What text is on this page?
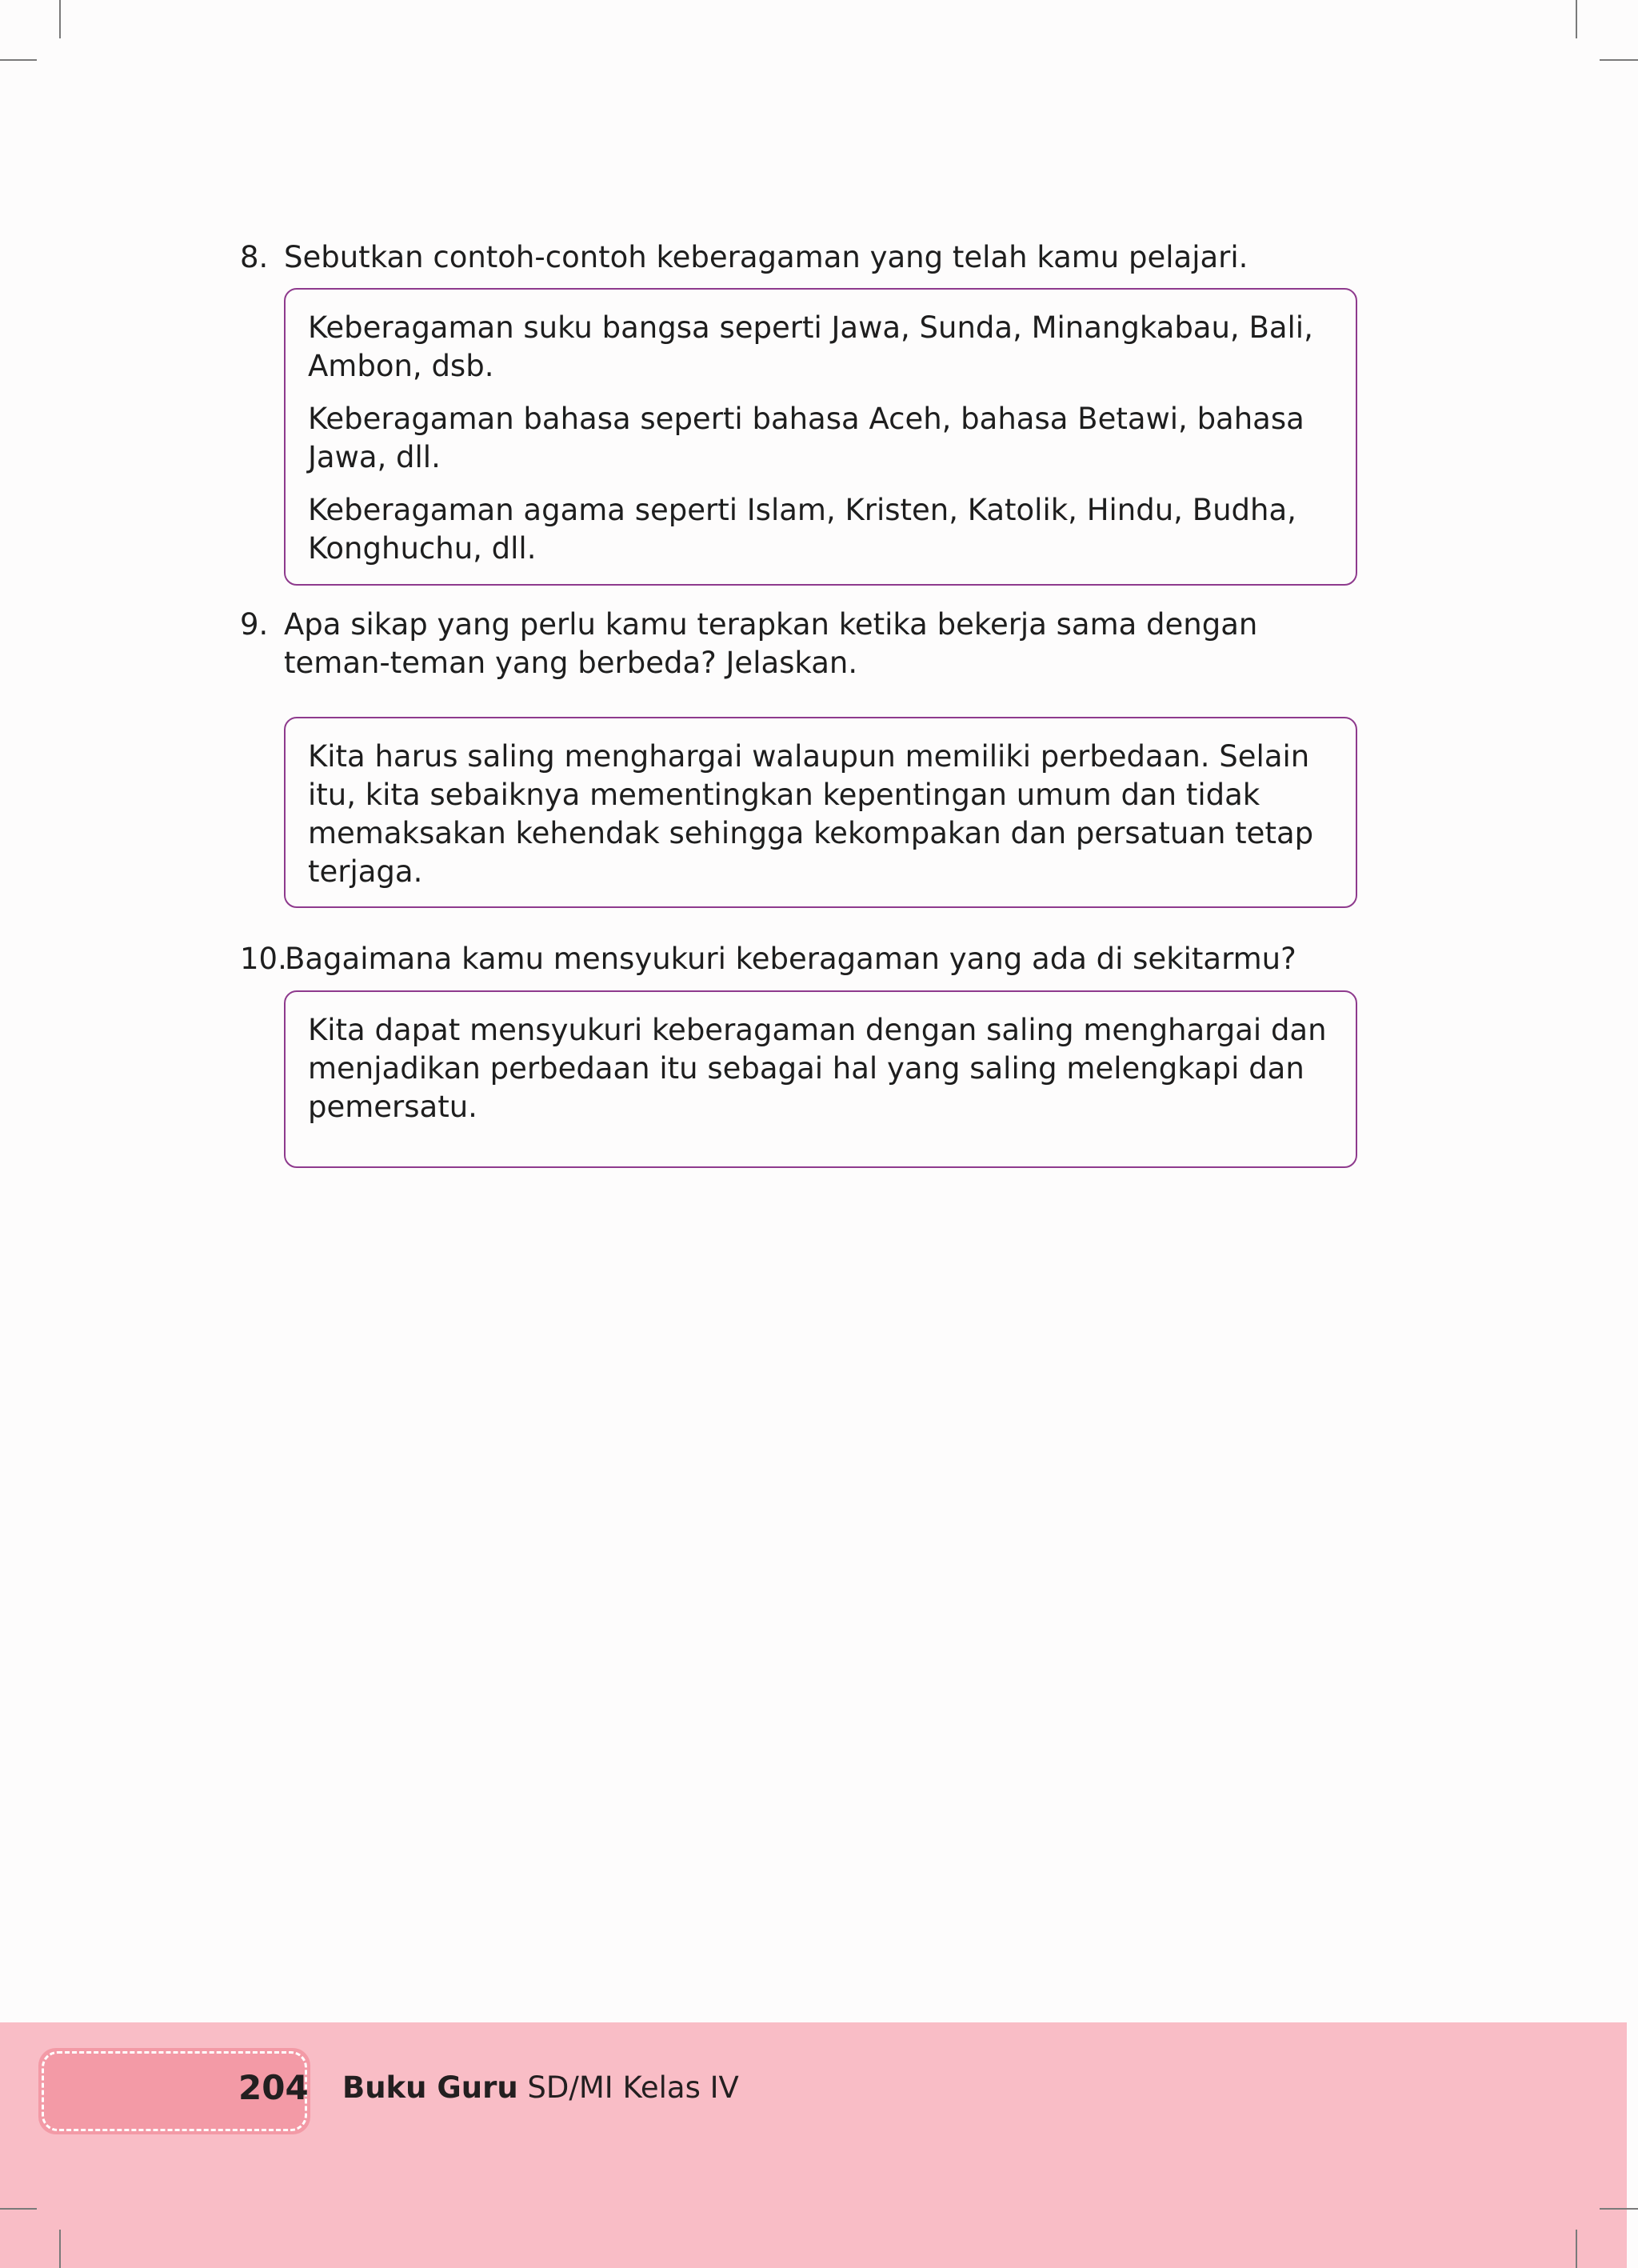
8. Sebutkan contoh-contoh keberagaman yang telah kamu pelajari.

Keberagaman suku bangsa seperti Jawa, Sunda, Minangkabau, Bali, Ambon, dsb.

Keberagaman bahasa seperti bahasa Aceh, bahasa Betawi, bahasa Jawa, dll.

Keberagaman agama seperti Islam, Kristen, Katolik, Hindu, Budha, Konghuchu, dll.

9. Apa sikap yang perlu kamu terapkan ketika bekerja sama dengan teman-teman yang berbeda? Jelaskan.

Kita harus saling menghargai walaupun memiliki perbedaan. Selain itu, kita sebaiknya mementingkan kepentingan umum dan tidak memaksakan kehendak sehingga kekompakan dan persatuan tetap terjaga.

10.
Bagaimana kamu mensyukuri keberagaman yang ada di sekitarmu?

Kita dapat mensyukuri keberagaman dengan saling menghargai dan menjadikan perbedaan itu sebagai hal yang saling melengkapi dan pemersatu.

204 Buku Guru SD/MI Kelas IV
